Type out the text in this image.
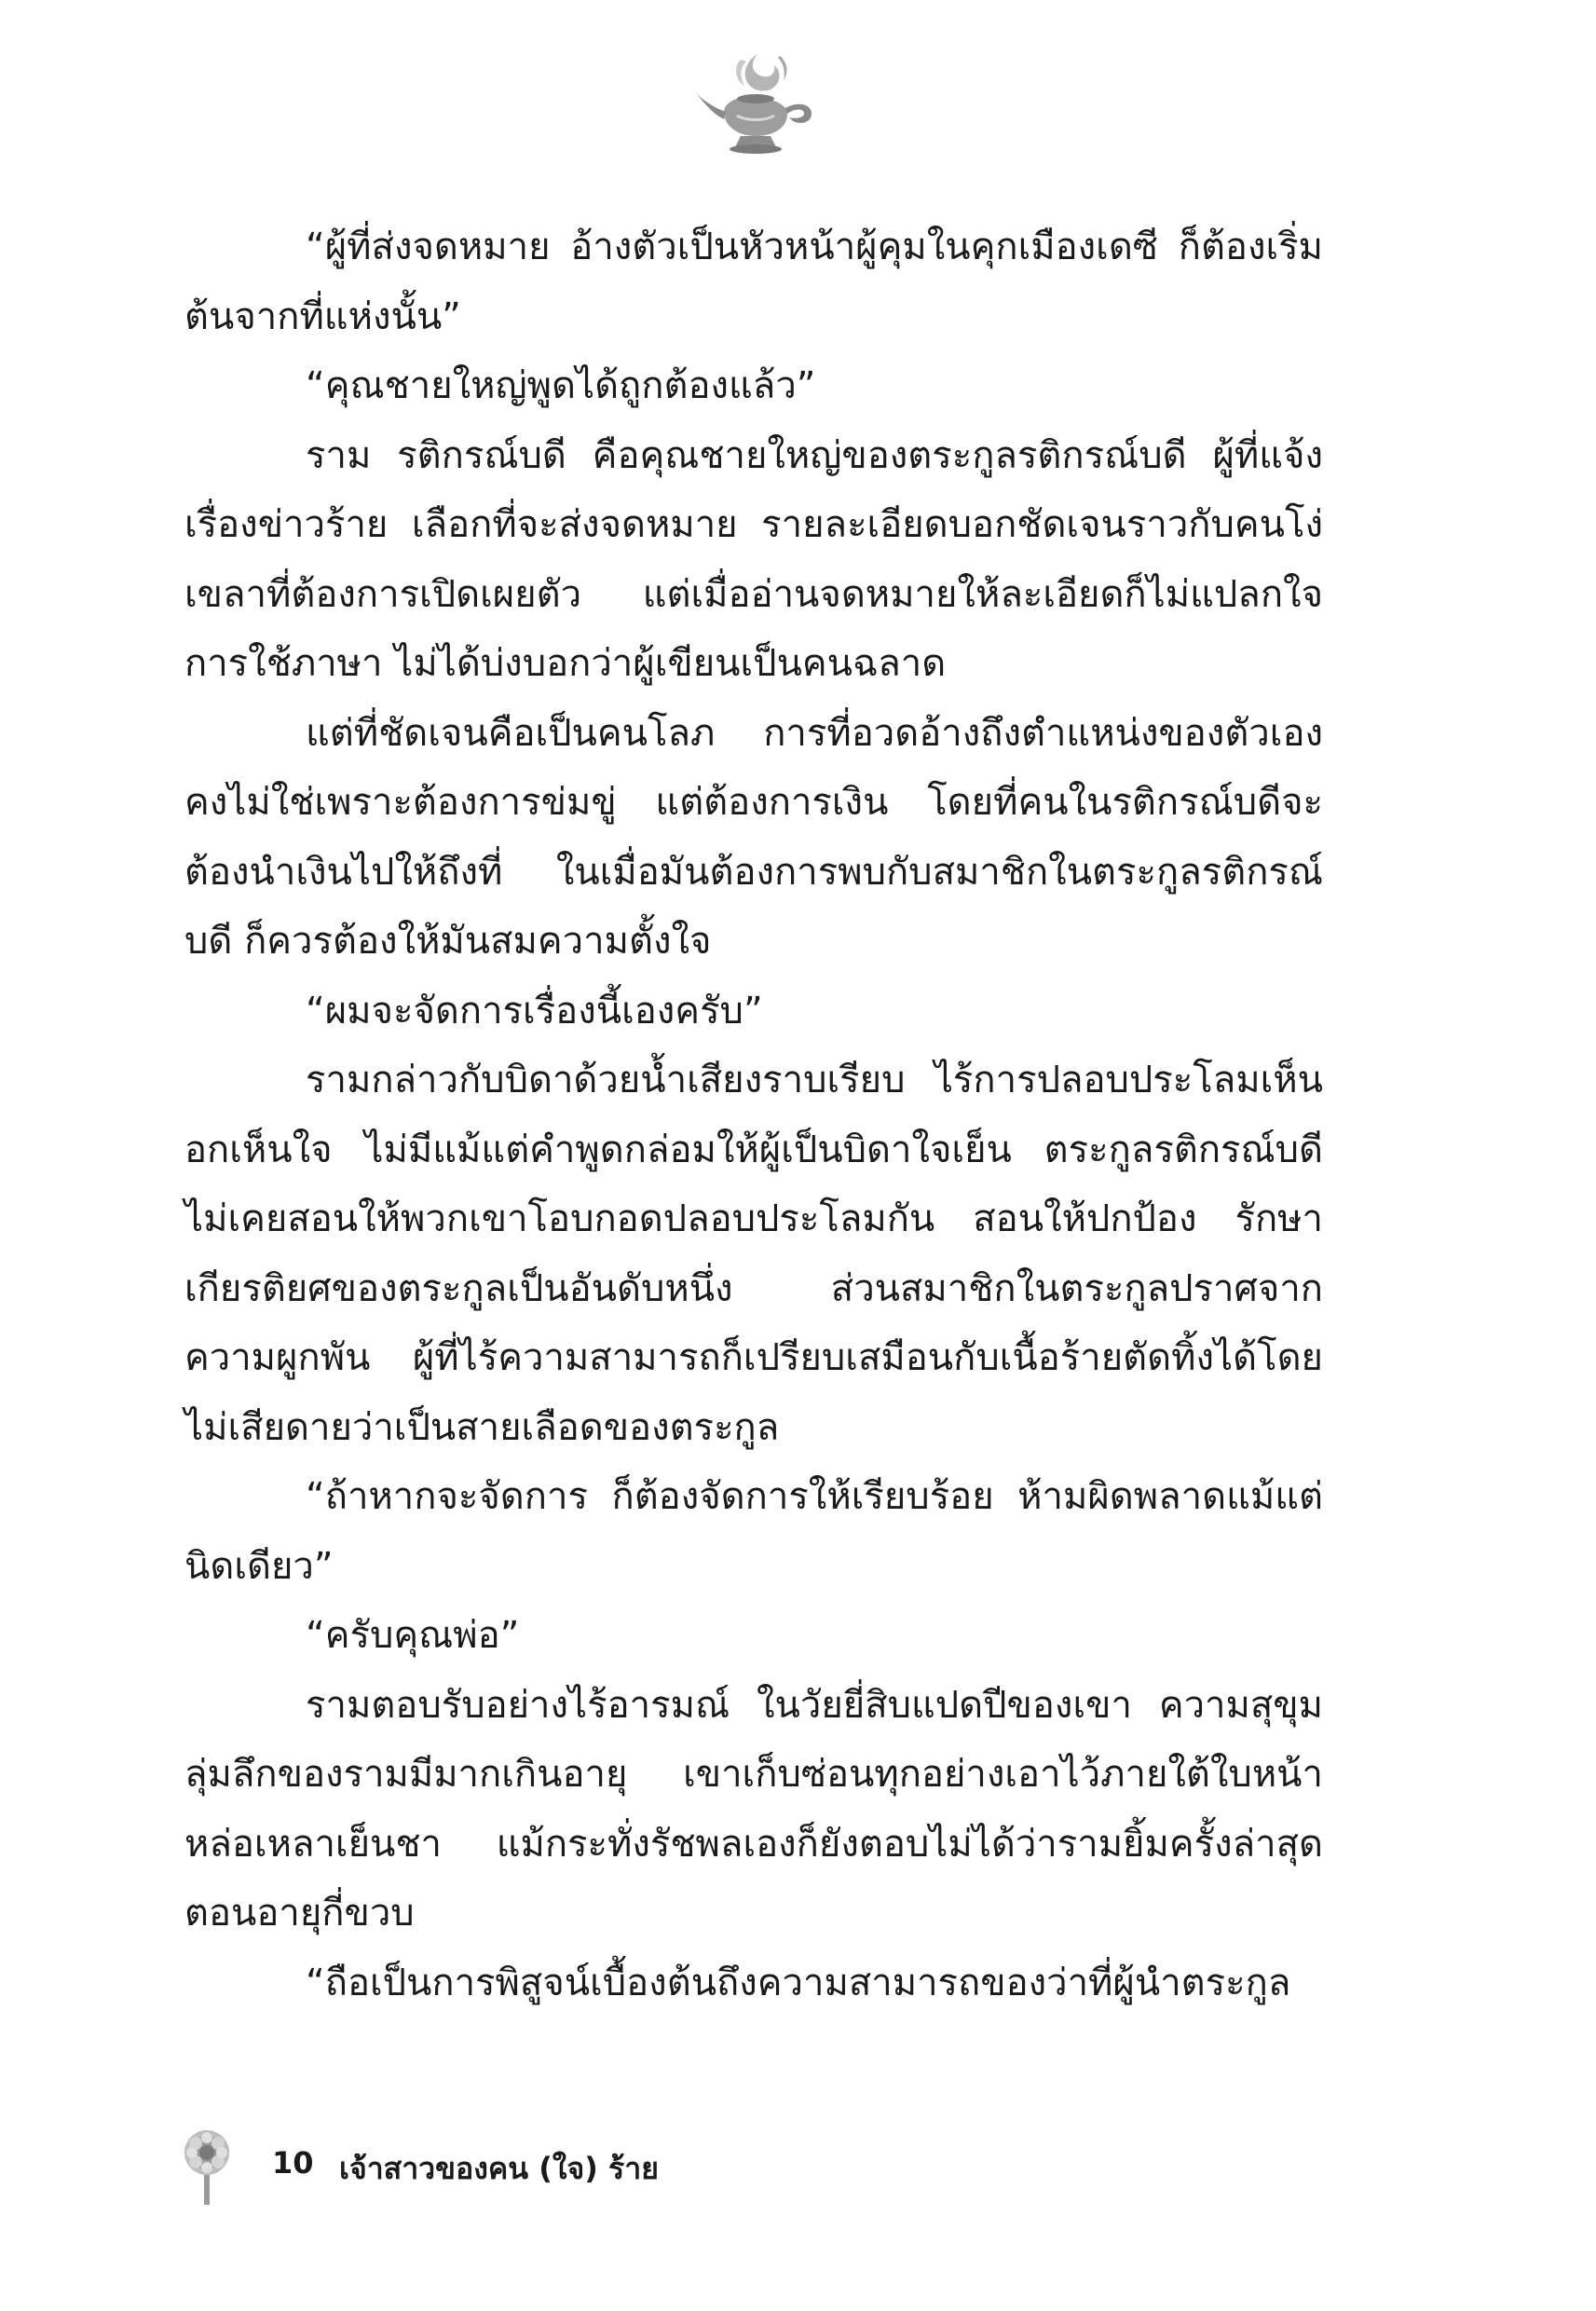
“ผู้ที่ส่งจดหมาย อ้างตัวเป็นหัวหน้าผู้คุมในคุกเมืองเดซี ก็ต้องเริ่มต้นจากที่แห่งนั้น”

“คุณชายใหญ่พูดได้ถูกต้องแล้ว”

ราม รติกรณ์บดี คือคุณชายใหญ่ของตระกูลรติกรณ์บดี ผู้ที่แจ้งเรื่องข่าวร้าย เลือกที่จะส่งจดหมาย รายละเอียดบอกชัดเจนราวกับคนโง่เขลาที่ต้องการเปิดเผยตัว แต่เมื่ออ่านจดหมายให้ละเอียดก็ไม่แปลกใจ การใช้ภาษา ไม่ได้บ่งบอกว่าผู้เขียนเป็นคนฉลาด

แต่ที่ชัดเจนคือเป็นคนโลภ การที่อวดอ้างถึงตำแหน่งของตัวเองคงไม่ใช่เพราะต้องการข่มขู่ แต่ต้องการเงิน โดยที่คนในรติกรณ์บดีจะต้องนำเงินไปให้ถึงที่ ในเมื่อมันต้องการพบกับสมาชิกในตระกูลรติกรณ์บดี ก็ควรต้องให้มันสมความตั้งใจ

“ผมจะจัดการเรื่องนี้เองครับ”

รามกล่าวกับบิดาด้วยน้ำเสียงราบเรียบ ไร้การปลอบประโลมเห็นอกเห็นใจ ไม่มีแม้แต่คำพูดกล่อมให้ผู้เป็นบิดาใจเย็น ตระกูลรติกรณ์บดี ไม่เคยสอนให้พวกเขาโอบกอดปลอบประโลมกัน สอนให้ปกป้อง รักษาเกียรติยศของตระกูลเป็นอันดับหนึ่ง ส่วนสมาชิกในตระกูลปราศจากความผูกพัน ผู้ที่ไร้ความสามารถก็เปรียบเสมือนกับเนื้อร้ายตัดทิ้งได้โดยไม่เสียดายว่าเป็นสายเลือดของตระกูล

“ถ้าหากจะจัดการ ก็ต้องจัดการให้เรียบร้อย ห้ามผิดพลาดแม้แต่นิดเดียว”

“ครับคุณพ่อ”

รามตอบรับอย่างไร้อารมณ์ ในวัยยี่สิบแปดปีของเขา ความสุขุมลุ่มลึกของรามมีมากเกินอายุ เขาเก็บซ่อนทุกอย่างเอาไว้ภายใต้ใบหน้าหล่อเหลาเย็นชา แม้กระทั่งรัชพลเองก็ยังตอบไม่ได้ว่ารามยิ้มครั้งล่าสุดตอนอายุกี่ขวบ

“ถือเป็นการพิสูจน์เบื้องต้นถึงความสามารถของว่าที่ผู้นำตระกูล

10 เจ้าสาวของคน (ใจ) ร้าย
